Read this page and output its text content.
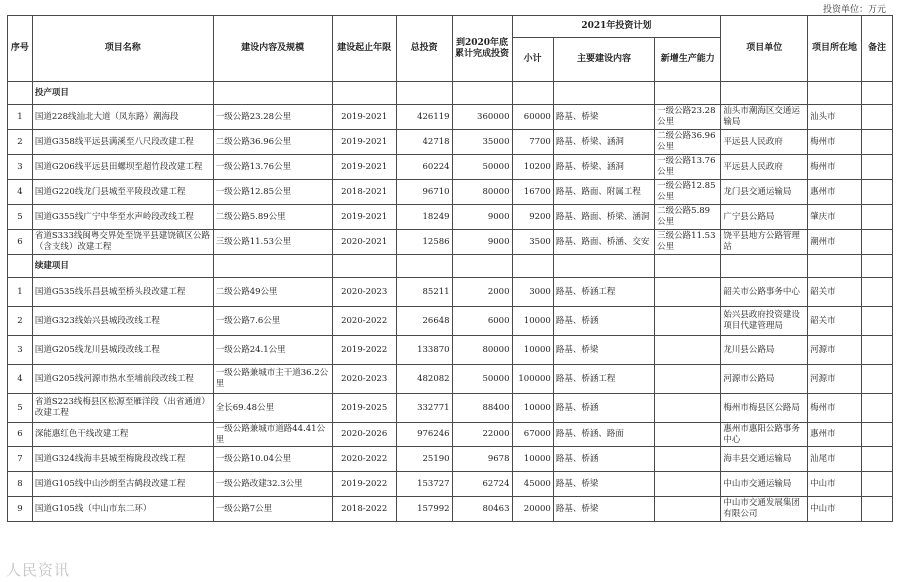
投资单位：万元
序号	项目名称	建设内容及规模	建设起止年限	总投资	到2020年底累计完成投资	2021年投资计划			项目单位	项目所在地	备注
						小计	主要建设内容	新增生产能力			
	投产项目										
1	国道228线汕北大道（凤东路）潮海段	一级公路23.28公里	2019-2021	426119	360000	60000	路基、桥梁	一级公路23.28公里	汕头市潮海区交通运输局	汕头市	
2	国道G358线平远县满溪至八尺段改建工程	二级公路36.96公里	2019-2021	42718	35000	7700	路基、桥梁、涵洞	二级公路36.96公里	平远县人民政府	梅州市	
3	国道G206线平远县田螺坝至超竹段改建工程	一级公路13.76公里	2019-2021	60224	50000	10200	路基、桥梁、涵洞	一级公路13.76公里	平远县人民政府	梅州市	
4	国道G220线龙门县城至平陵段改建工程	一级公路12.85公里	2018-2021	96710	80000	16700	路基、路面、附属工程	一级公路12.85公里	龙门县交通运输局	惠州市	
5	国道G355线广宁中华至水声岭段改线工程	二级公路5.89公里	2019-2021	18249	9000	9200	路基、路面、桥梁、涵洞	二级公路5.89公里	广宁县公路局	肇庆市	
6	省道S333线闽粤交界处至饶平县建饶镇区公路（含支线）改建工程	三级公路11.53公里	2020-2021	12586	9000	3500	路基、路面、桥涵、交安	三级公路11.53公里	饶平县地方公路管理站	潮州市	
	续建项目										
1	国道G535线乐昌县城至桥头段改建工程	二级公路49公里	2020-2023	85211	2000	3000	路基、桥涵工程		韶关市公路事务中心	韶关市	
2	国道G323线始兴县城段改线工程	一级公路7.6公里	2020-2022	26648	6000	10000	路基、桥涵		始兴县政府投资建设项目代建管理局	韶关市	
3	国道G205线龙川县城段改线工程	一级公路24.1公里	2019-2022	133870	80000	10000	路基、桥梁		龙川县公路局	河源市	
4	国道G205线河源市热水至埔前段改线工程	一级公路兼城市主干道36.2公里	2020-2023	482082	50000	100000	路基、桥涵工程		河源市公路局	河源市	
5	省道S223线梅县区松源至雁洋段（出省通道）改建工程	全长69.48公里	2019-2025	332771	88400	10000	路基、桥涵		梅州市梅县区公路局	梅州市	
6	深能惠红色干线改建工程	一级公路兼城市道路44.41公里	2020-2026	976246	22000	67000	路基、桥涵、路面		惠州市惠阳公路事务中心	惠州市	
7	国道G324线海丰县城至梅陇段改线工程	一级公路10.04公里	2020-2022	25190	9678	10000	路基、桥涵		海丰县交通运输局	汕尾市	
8	国道G105线中山沙朗至古鹤段改建工程	一级公路改建32.3公里	2019-2022	153727	62724	45000	路基、桥梁		中山市交通运输局	中山市	
9	国道G105线（中山市东二环）	一级公路7公里	2018-2022	157992	80463	20000	路基、桥梁		中山市交通发展集团有限公司	中山市	
人民资讯
